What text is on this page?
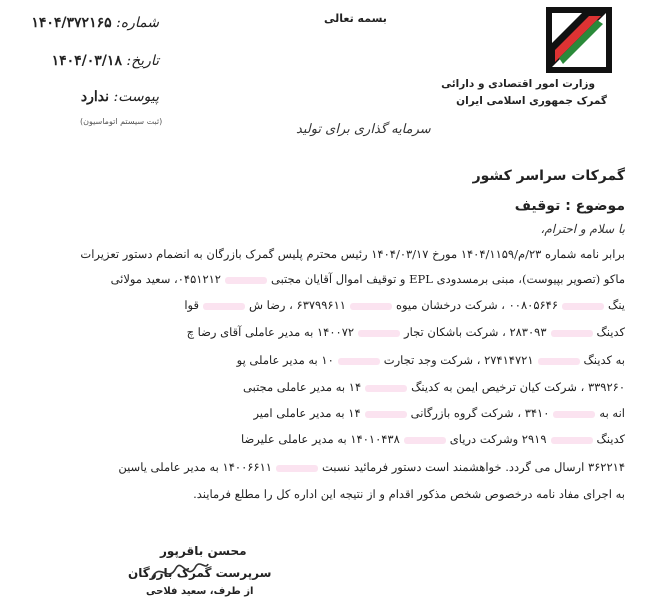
وزارت امور اقتصادی و دارائی
گمرک جمهوری اسلامی ایران
بسمه تعالی
شماره: ۱۴۰۴/۳۷۲۱۶۵
تاریخ: ۱۴۰۴/۰۳/۱۸
پیوست: ندارد
(ثبت سیستم اتوماسیون)
سرمایه گذاری برای تولید
گمرکات سراسر کشور
موضوع : توقیف
با سلام و احترام،
برابر نامه شماره ۲۳/م/۱۴۰۴/۱۱۵۹ مورخ ۱۴۰۴/۰۳/۱۷ رئیس محترم پلیس گمرک بازرگان به انضمام دستور تعزیرات
ماکو (تصویر بپیوست)، مبنی برمسدودی EPL و توقیف اموال آقایان مجتبی۰۴۵۱۲۱۲، سعید مولائی
ینگ۰۰۸۰۵۶۴۶ ، شرکت درخشان میوه۶۳۷۹۹۶۱۱ ، رضا شقوا
کدینگ۲۸۳۰۹۳ ، شرکت باشکان تجار۱۴۰۰۷۲ به مدیر عاملی آقای رضا چ
به کدینگ۲۷۴۱۴۷۲۱ ، شرکت وجد تجارت۱۰ به مدیر عاملی پو
۳۳۹۲۶۰ ، شرکت کیان ترخیص ایمن به کدینگ۱۴ به مدیر عاملی مجتبی
انه به۳۴۱۰ ، شرکت گروه بازرگانی۱۴ به مدیر عاملی امیر
کدینگ۲۹۱۹ وشرکت دریای۱۴۰۱۰۴۳۸ به مدیر عاملی علیرضا
۳۶۲۲۱۴ ارسال می گردد. خواهشمند است دستور فرمائید نسبت۱۴۰۰۶۶۱۱ به مدیر عاملی یاسین
به اجرای مفاد نامه درخصوص شخص مذکور اقدام و از نتیجه این اداره کل را مطلع فرمایند.
محسن باقرپور
سرپرست گمرک بازرگان
از طرف، سعید فلاحی
